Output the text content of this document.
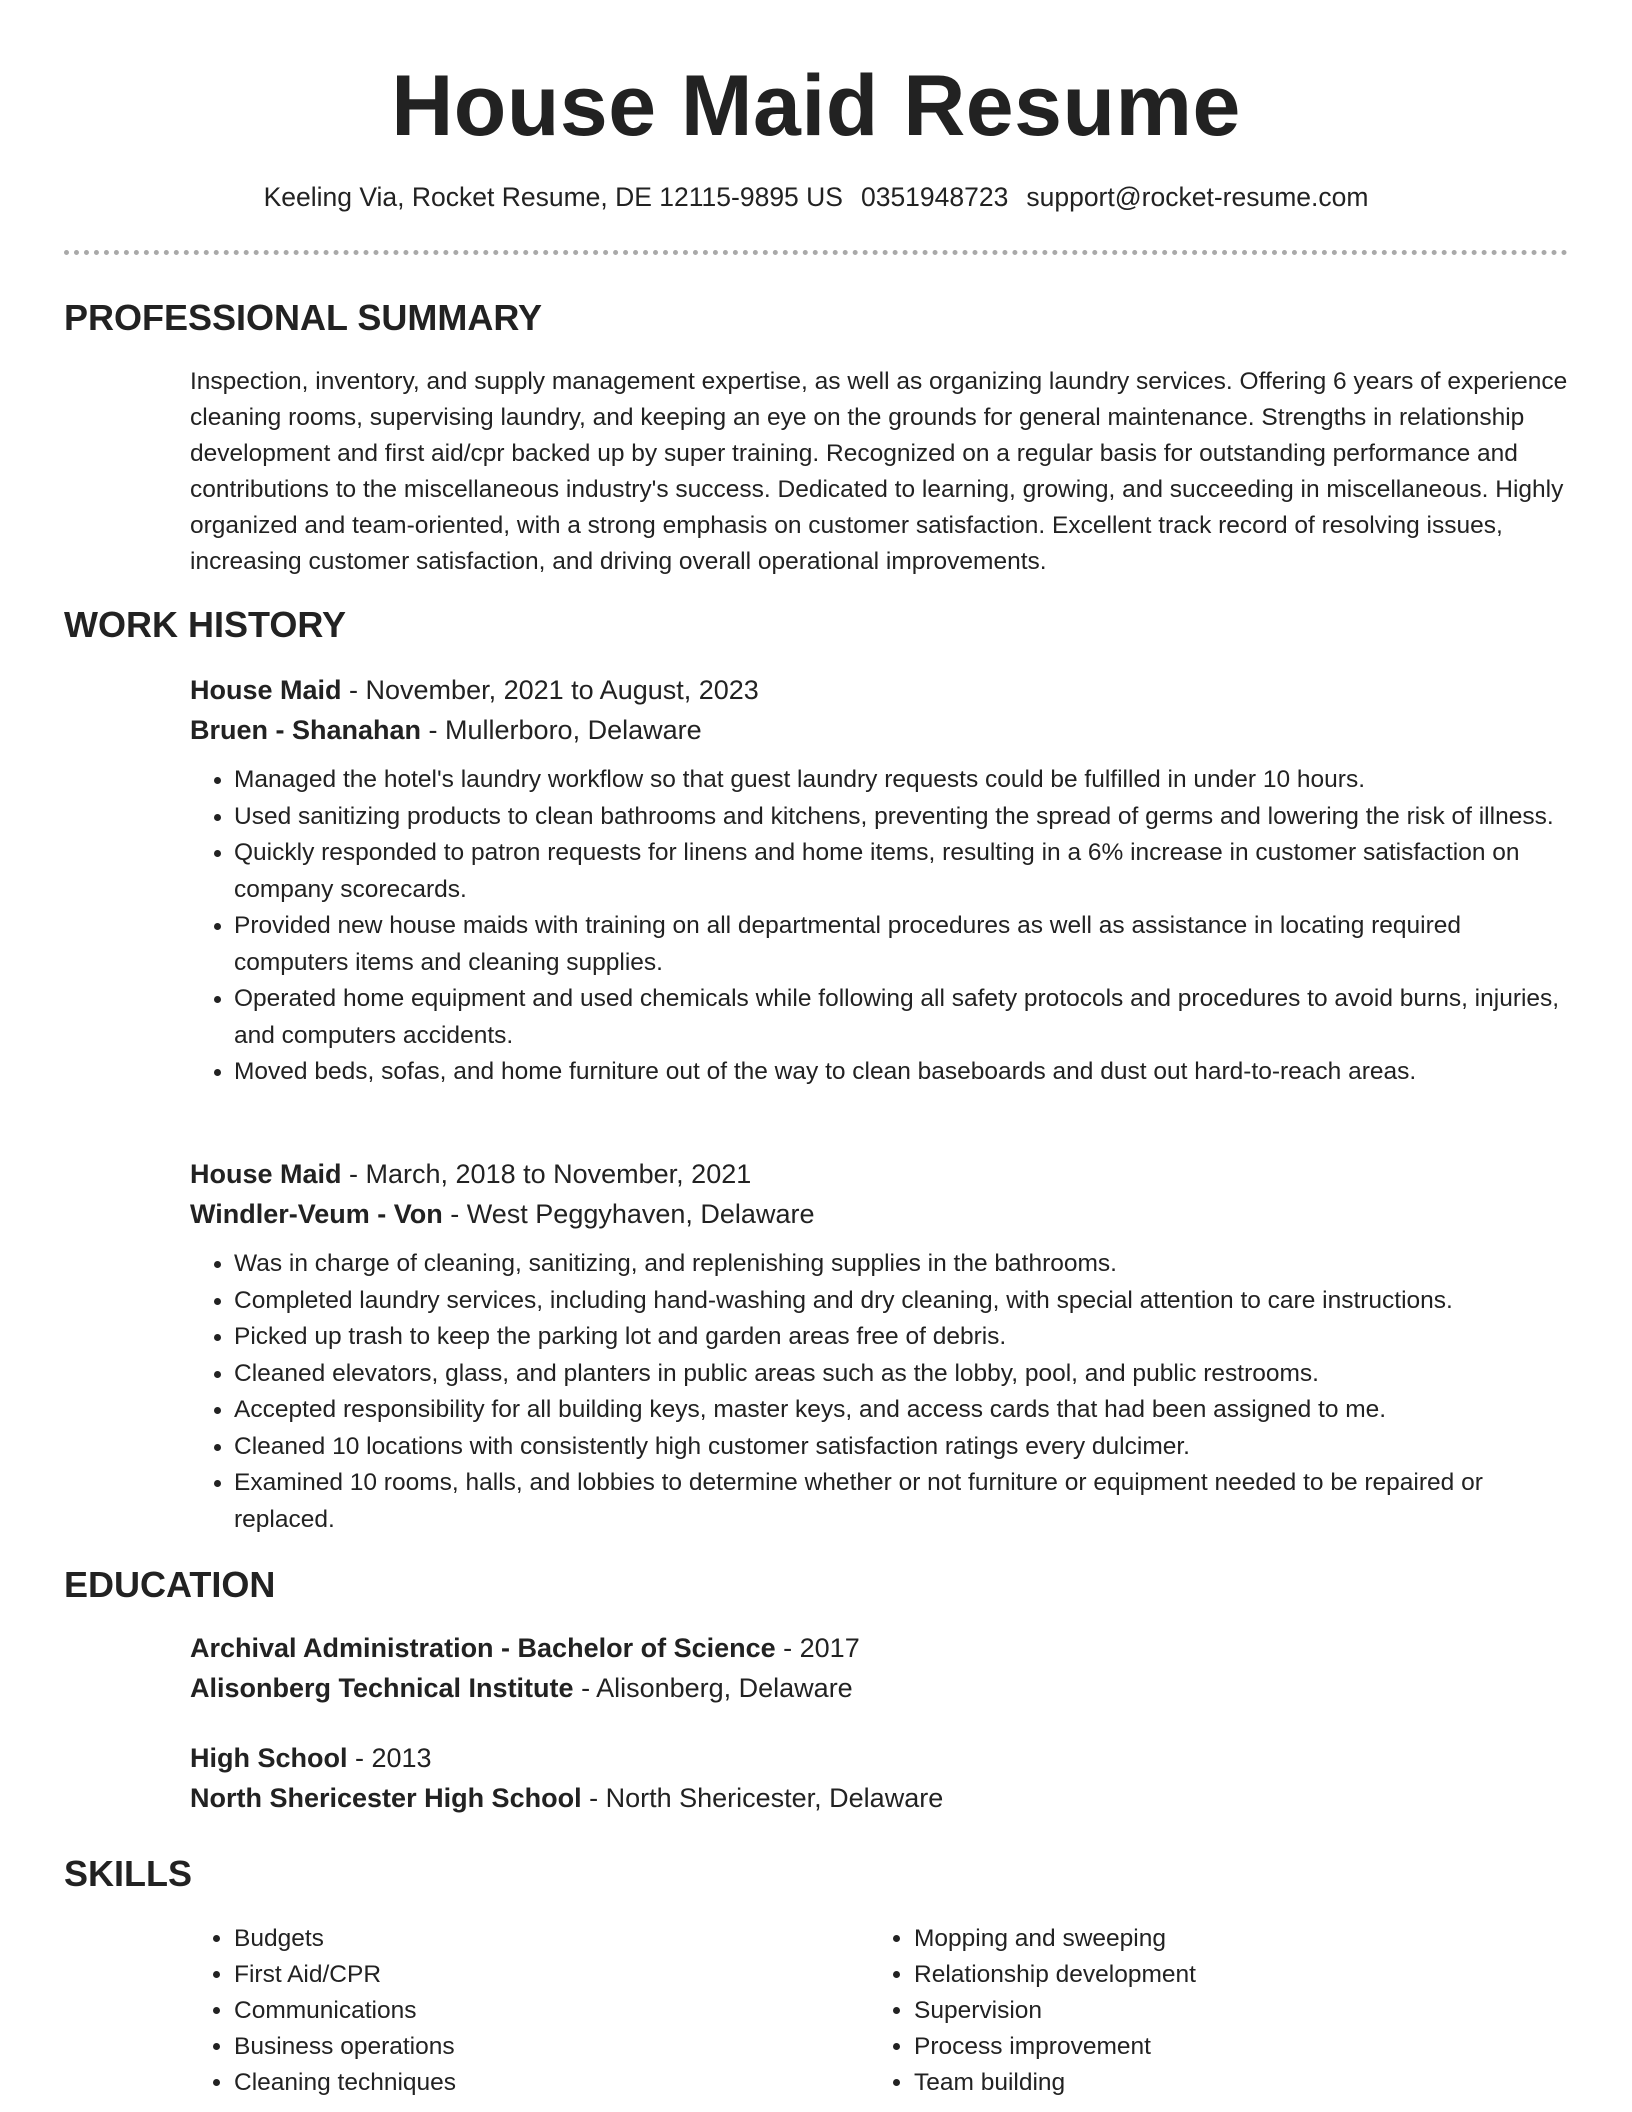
House Maid Resume
Keeling Via, Rocket Resume, DE 12115-9895 US 0351948723 support@rocket-resume.com
PROFESSIONAL SUMMARY

Inspection, inventory, and supply management expertise, as well as organizing laundry services. Offering 6 years of experience cleaning rooms, supervising laundry, and keeping an eye on the grounds for general maintenance. Strengths in relationship development and first aid/cpr backed up by super training. Recognized on a regular basis for outstanding performance and contributions to the miscellaneous industry's success. Dedicated to learning, growing, and succeeding in miscellaneous. Highly organized and team-oriented, with a strong emphasis on customer satisfaction. Excellent track record of resolving issues, increasing customer satisfaction, and driving overall operational improvements.

WORK HISTORY

House Maid - November, 2021 to August, 2023

Bruen - Shanahan - Mullerboro, Delaware

• Managed the hotel's laundry workflow so that guest laundry requests could be fulfilled in under 10 hours.
• Used sanitizing products to clean bathrooms and kitchens, preventing the spread of germs and lowering the risk of illness.
• Quickly responded to patron requests for linens and home items, resulting in a 6% increase in customer satisfaction on company scorecards.
• Provided new house maids with training on all departmental procedures as well as assistance in locating required computers items and cleaning supplies.
• Operated home equipment and used chemicals while following all safety protocols and procedures to avoid burns, injuries, and computers accidents.
• Moved beds, sofas, and home furniture out of the way to clean baseboards and dust out hard-to-reach areas.

House Maid - March, 2018 to November, 2021

Windler-Veum - Von - West Peggyhaven, Delaware

• Was in charge of cleaning, sanitizing, and replenishing supplies in the bathrooms.
• Completed laundry services, including hand-washing and dry cleaning, with special attention to care instructions.
• Picked up trash to keep the parking lot and garden areas free of debris.
• Cleaned elevators, glass, and planters in public areas such as the lobby, pool, and public restrooms.
• Accepted responsibility for all building keys, master keys, and access cards that had been assigned to me.
• Cleaned 10 locations with consistently high customer satisfaction ratings every dulcimer.
• Examined 10 rooms, halls, and lobbies to determine whether or not furniture or equipment needed to be repaired or replaced.
EDUCATION

Archival Administration - Bachelor of Science - 2017

Alisonberg Technical Institute - Alisonberg, Delaware

High School - 2013

North Shericester High School - North Shericester, Delaware

SKILLS
• Budgets
• First Aid/CPR
• Communications
• Business operations
• Cleaning techniques
• Mopping and sweeping
• Relationship development
• Supervision
• Process improvement
• Team building
